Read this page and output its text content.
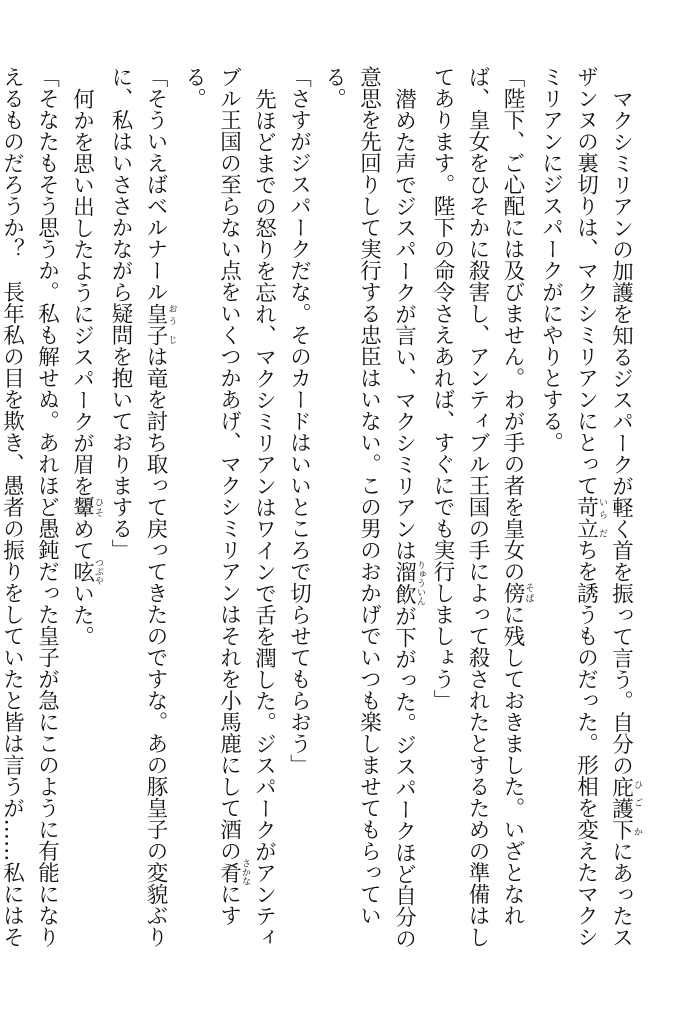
マクシミリアンの加護を知るジスパークが軽く首を振って言う。自分の庇護下ひご かにあったスザンヌの裏切りは、マクシミリアンにとって苛立いら だちを誘うものだった。形相を変えたマクシミリアンにジスパークがにやりとする。

「陛下、ご心配には及びません。わが手の者を皇女の傍そばに残しておきました。いざとなれば、皇女をひそかに殺害し、アンティブル王国の手によって殺されたとするための準備はしてあります。陛下の命令さえあれば、すぐにでも実行しましょう」

潜めた声でジスパークが言い、マクシミリアンは溜飲りゅういんが下がった。ジスパークほど自分の意思を先回りして実行する忠臣はいない。この男のおかげでいつも楽しませてもらっている。

「さすがジスパークだな。そのカードはいいところで切らせてもらおう」

先ほどまでの怒りを忘れ、マクシミリアンはワインで舌を潤した。ジスパークがアンティブル王国の至らない点をいくつかあげ、マクシミリアンはそれを小馬鹿にして酒の肴さかなにする。

「そういえばベルナール皇子おう じは竜を討ち取って戻ってきたのですな。あの豚皇子の変貌ぶりに、私はいささかながら疑問を抱いておりまする」

何かを思い出したようにジスパークが眉を顰ひそめて呟つぶやいた。

「そなたもそう思うか。私も解せぬ。あれほど愚鈍だった皇子が急にこのように有能になりえるものだろうか？　長年私の目を欺き、愚者の振りをしていたと皆は言うが……私にはそ
